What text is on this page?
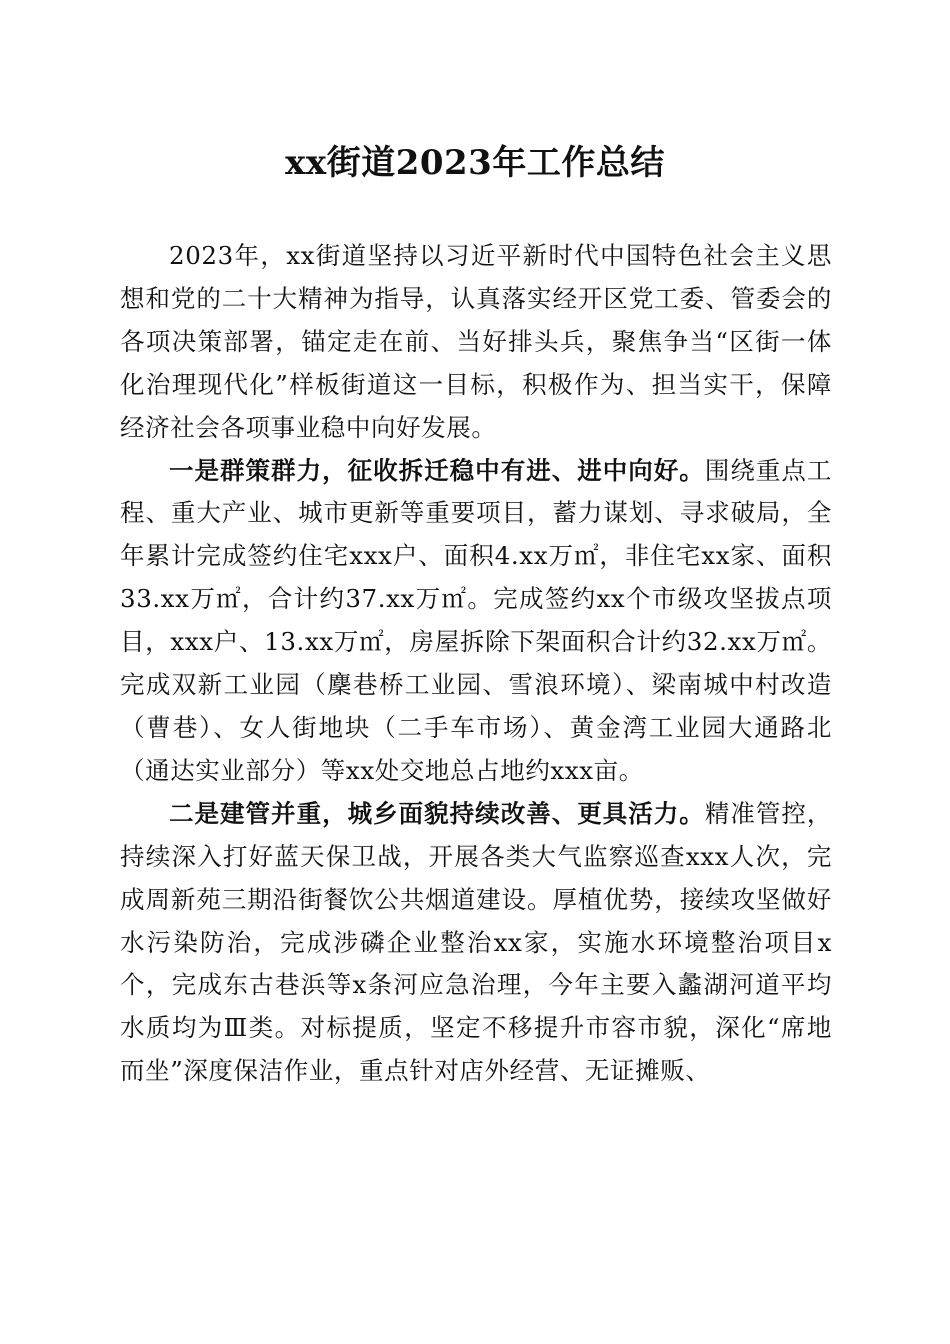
xx街道2023年工作总结

2023年，xx街道坚持以习近平新时代中国特色社会主义思想和党的二十大精神为指导，认真落实经开区党工委、管委会的各项决策部署，锚定走在前、当好排头兵，聚焦争当“区街一体化治理现代化”样板街道这一目标，积极作为、担当实干，保障经济社会各项事业稳中向好发展。

一是群策群力，征收拆迁稳中有进、进中向好。围绕重点工程、重大产业、城市更新等重要项目，蓄力谋划、寻求破局，全年累计完成签约住宅xxx户、面积4.xx万㎡，非住宅xx家、面积33.xx万㎡，合计约37.xx万㎡。完成签约xx个市级攻坚拔点项目，xxx户、13.xx万㎡，房屋拆除下架面积合计约32.xx万㎡。完成双新工业园（麇巷桥工业园、雪浪环境）、梁南城中村改造（曹巷）、女人街地块（二手车市场）、黄金湾工业园大通路北（通达实业部分）等xx处交地总占地约xxx亩。

二是建管并重，城乡面貌持续改善、更具活力。精准管控，持续深入打好蓝天保卫战，开展各类大气监察巡查xxx人次，完成周新苑三期沿街餐饮公共烟道建设。厚植优势，接续攻坚做好水污染防治，完成涉磷企业整治xx家，实施水环境整治项目x个，完成东古巷浜等x条河应急治理，今年主要入蠡湖河道平均水质均为Ⅲ类。对标提质，坚定不移提升市容市貌，深化“席地而坐”深度保洁作业，重点针对店外经营、无证摊贩、
